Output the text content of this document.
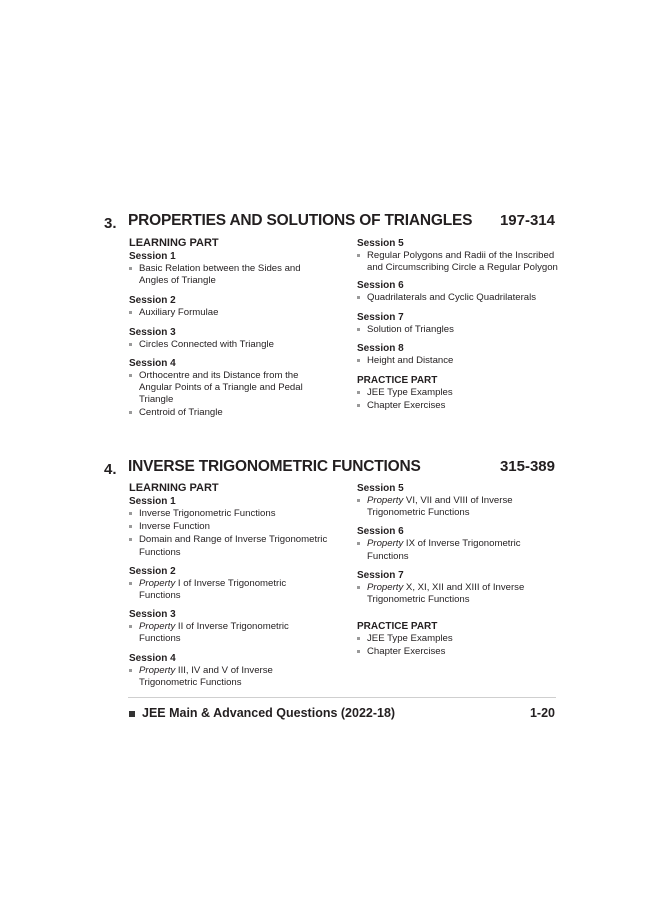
3. PROPERTIES AND SOLUTIONS OF TRIANGLES 197-314
LEARNING PART
Session 1
Basic Relation between the Sides and Angles of Triangle
Session 2
Auxiliary Formulae
Session 3
Circles Connected with Triangle
Session 4
Orthocentre and its Distance from the Angular Points of a Triangle and Pedal Triangle
Centroid of Triangle
Session 5
Regular Polygons and Radii of the Inscribed and Circumscribing Circle a Regular Polygon
Session 6
Quadrilaterals and Cyclic Quadrilaterals
Session 7
Solution of Triangles
Session 8
Height and Distance
PRACTICE PART
JEE Type Examples
Chapter Exercises
4. INVERSE TRIGONOMETRIC FUNCTIONS	315-389
LEARNING PART
Session 1
Inverse Trigonometric Functions
Inverse Function
Domain and Range of Inverse Trigonometric Functions
Session 2
Property I of Inverse Trigonometric Functions
Session 3
Property II of Inverse Trigonometric Functions
Session 4
Property III, IV and V of Inverse Trigonometric Functions
Session 5
Property VI, VII and VIII of Inverse Trigonometric Functions
Session 6
Property IX of Inverse Trigonometric Functions
Session 7
Property X, XI, XII and XIII of Inverse Trigonometric Functions
PRACTICE PART
JEE Type Examples
Chapter Exercises
JEE Main & Advanced Questions (2022-18)	1-20
